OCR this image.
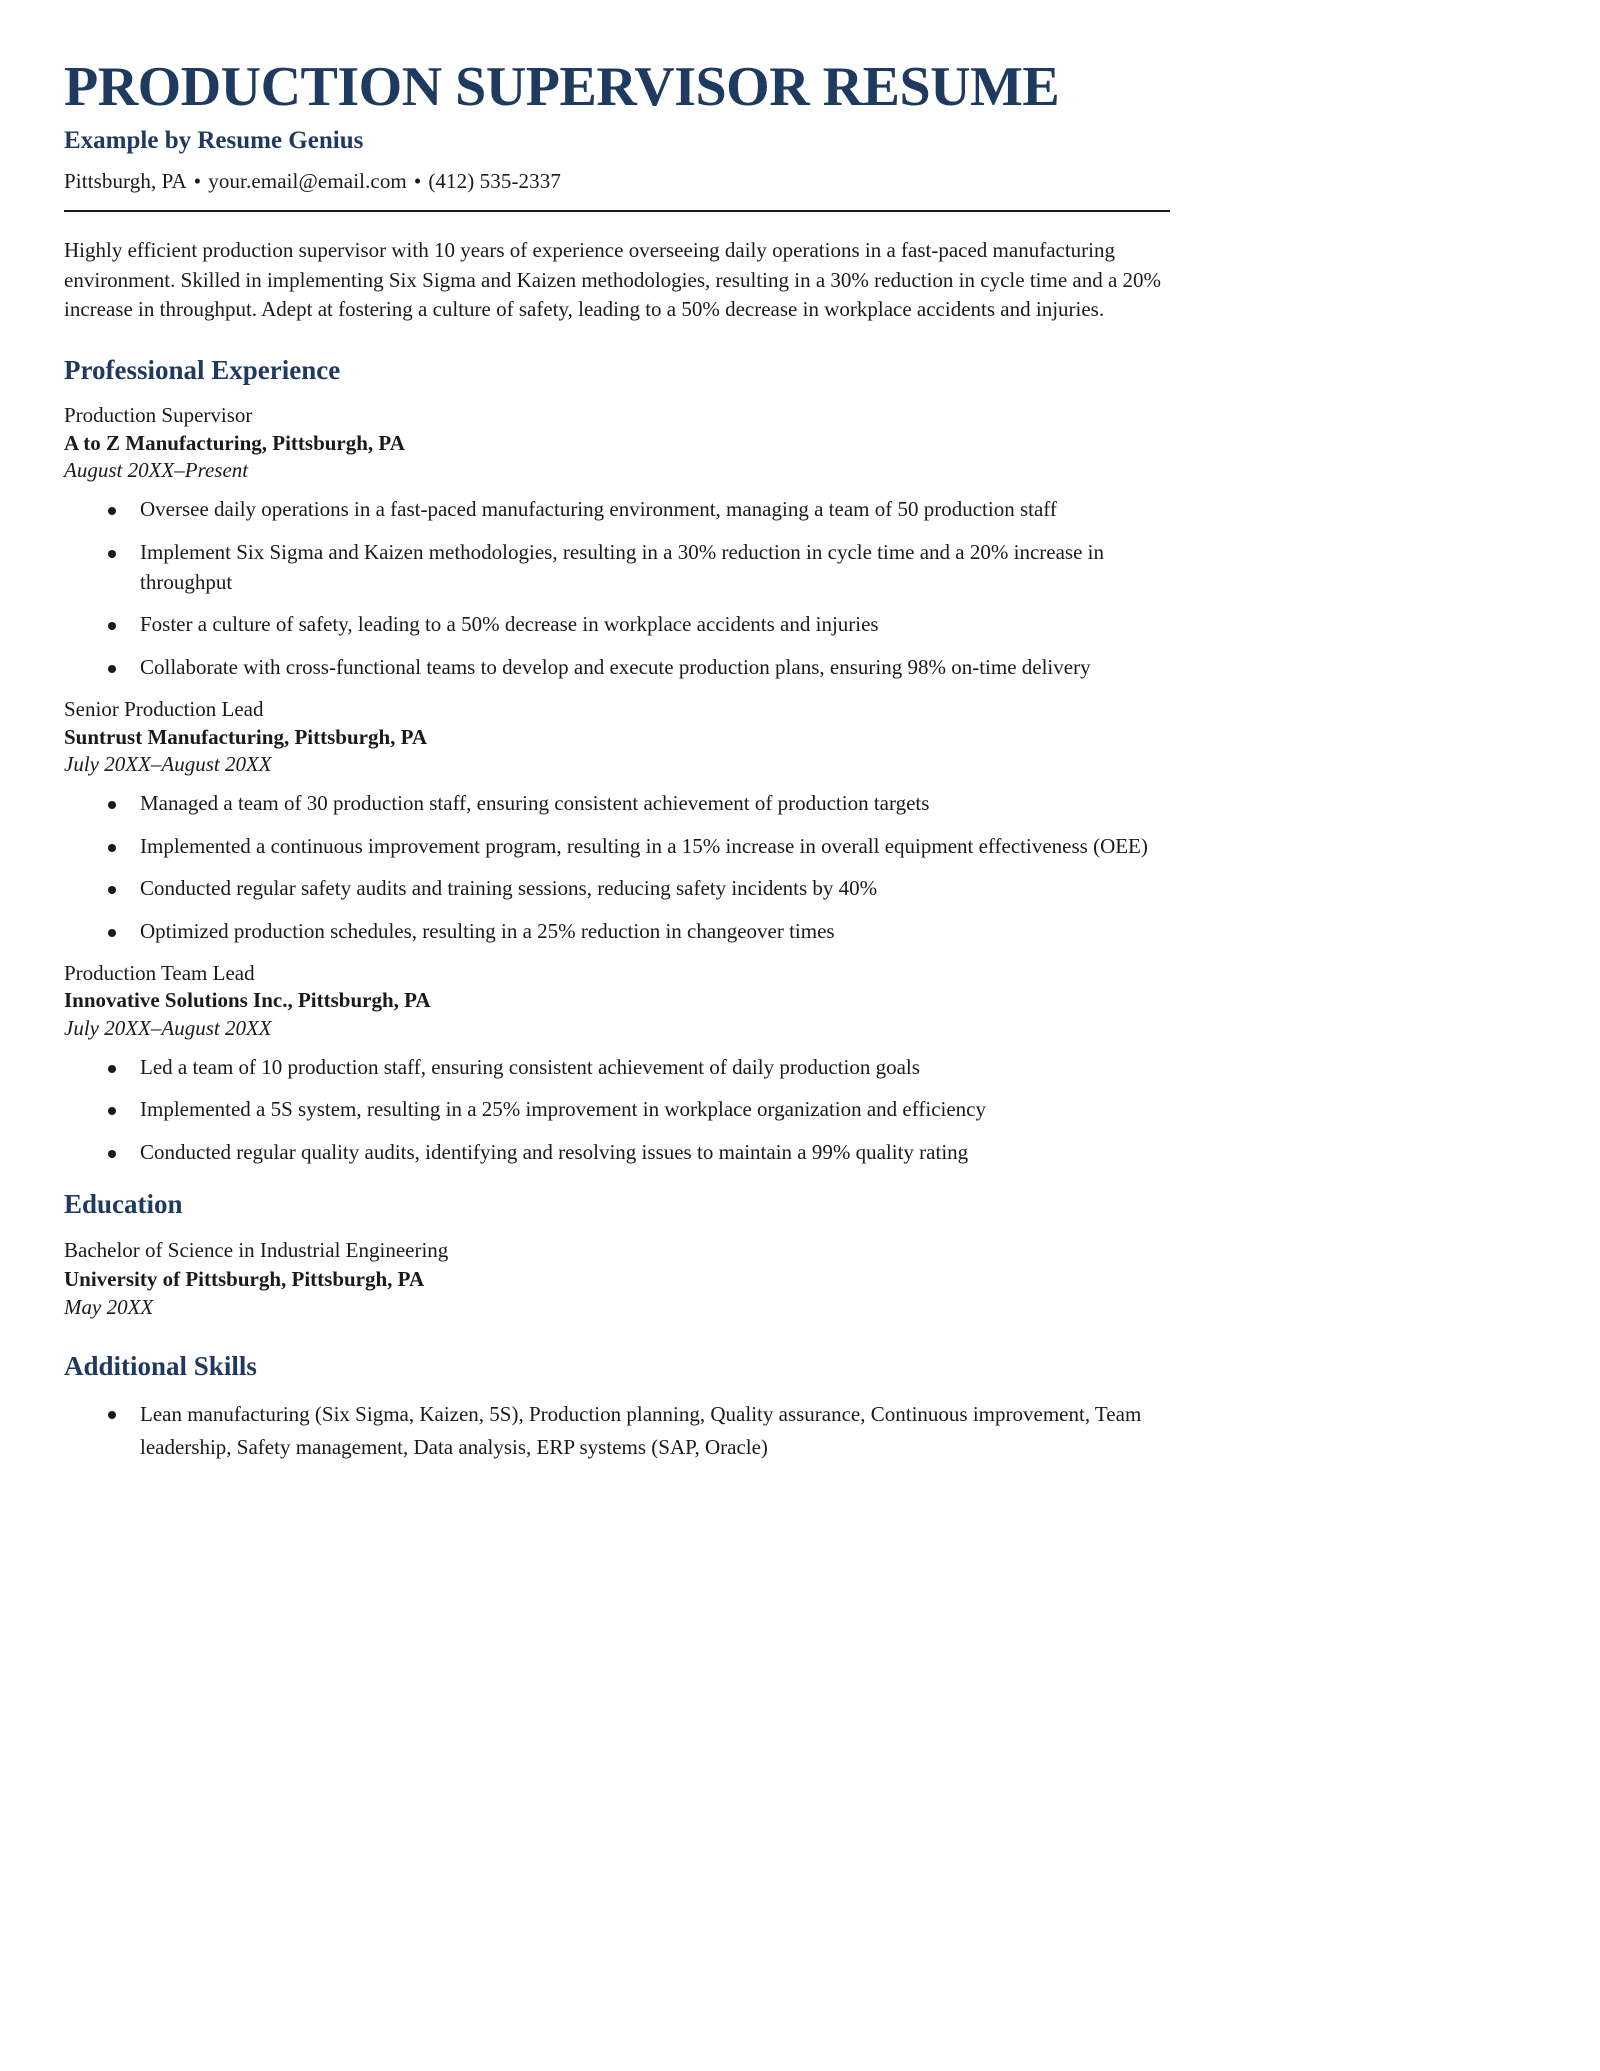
PRODUCTION SUPERVISOR RESUME
Example by Resume Genius
Pittsburgh, PA • your.email@email.com • (412) 535-2337

Highly efficient production supervisor with 10 years of experience overseeing daily operations in a fast-paced manufacturing environment. Skilled in implementing Six Sigma and Kaizen methodologies, resulting in a 30% reduction in cycle time and a 20% increase in throughput. Adept at fostering a culture of safety, leading to a 50% decrease in workplace accidents and injuries.

Professional Experience
Production Supervisor
A to Z Manufacturing, Pittsburgh, PA
August 20XX–Present
Oversee daily operations in a fast-paced manufacturing environment, managing a team of 50 production staff
Implement Six Sigma and Kaizen methodologies, resulting in a 30% reduction in cycle time and a 20% increase in throughput
Foster a culture of safety, leading to a 50% decrease in workplace accidents and injuries
Collaborate with cross-functional teams to develop and execute production plans, ensuring 98% on-time delivery
Senior Production Lead
Suntrust Manufacturing, Pittsburgh, PA
July 20XX–August 20XX
Managed a team of 30 production staff, ensuring consistent achievement of production targets
Implemented a continuous improvement program, resulting in a 15% increase in overall equipment effectiveness (OEE)
Conducted regular safety audits and training sessions, reducing safety incidents by 40%
Optimized production schedules, resulting in a 25% reduction in changeover times
Production Team Lead
Innovative Solutions Inc., Pittsburgh, PA
July 20XX–August 20XX
Led a team of 10 production staff, ensuring consistent achievement of daily production goals
Implemented a 5S system, resulting in a 25% improvement in workplace organization and efficiency
Conducted regular quality audits, identifying and resolving issues to maintain a 99% quality rating
Education
Bachelor of Science in Industrial Engineering
University of Pittsburgh, Pittsburgh, PA
May 20XX
Additional Skills
Lean manufacturing (Six Sigma, Kaizen, 5S), Production planning, Quality assurance, Continuous improvement, Team leadership, Safety management, Data analysis, ERP systems (SAP, Oracle)
